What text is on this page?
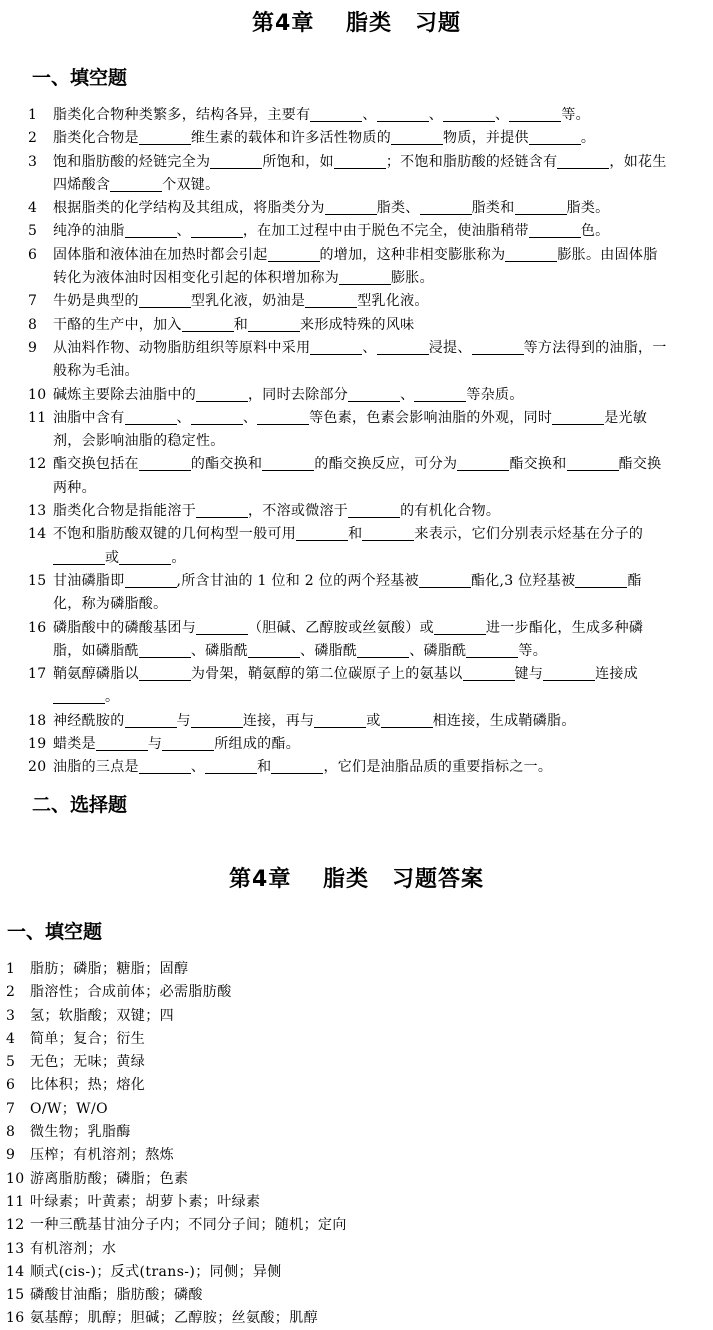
第4章　 脂类　习题
一、填空题
1 脂类化合物种类繁多，结构各异，主要有	、	、	、	等。
2 脂类化合物是	维生素的载体和许多活性物质的	物质，并提供	。
3 饱和脂肪酸的烃链完全为	所饱和，如	；不饱和脂肪酸的烃链含有	，如花生四烯酸含	个双键。
4 根据脂类的化学结构及其组成，将脂类分为	脂类、	脂类和	脂类。
5 纯净的油脂	、	，在加工过程中由于脱色不完全，使油脂稍带	色。
6 固体脂和液体油在加热时都会引起	的增加，这种非相变膨胀称为	膨胀。由固体脂转化为液体油时因相变化引起的体积增加称为	膨胀。
7 牛奶是典型的	型乳化液，奶油是	型乳化液。
8 干酪的生产中，加入	和	来形成特殊的风味
9 从油料作物、动物脂肪组织等原料中采用	、	浸提、	等方法得到的油脂，一般称为毛油。
10 碱炼主要除去油脂中的	，同时去除部分	、	等杂质。
11 油脂中含有	、	、	等色素，色素会影响油脂的外观，同时	是光敏剂，会影响油脂的稳定性。
12 酯交换包括在	的酯交换和	的酯交换反应，可分为	酯交换和	酯交换两种。
13 脂类化合物是指能溶于	，不溶或微溶于	的有机化合物。
14 不饱和脂肪酸双键的几何构型一般可用	和	来表示，它们分别表示烃基在分子的或	。
15 甘油磷脂即	,所含甘油的 1 位和 2 位的两个羟基被	酯化,3 位羟基被	酯化，称为磷脂酸。
16 磷脂酸中的磷酸基团与	（胆碱、乙醇胺或丝氨酸）或	进一步酯化，生成多种磷脂，如磷脂酰	、磷脂酰	、磷脂酰	、磷脂酰	等。
17 鞘氨醇磷脂以	为骨架，鞘氨醇的第二位碳原子上的氨基以	键与	连接成。
18 神经酰胺的	与	连接，再与	或	相连接，生成鞘磷脂。
19 蜡类是	与	所组成的酯。
20 油脂的三点是	、	和	，它们是油脂品质的重要指标之一。
二、选择题
第4章　 脂类　习题答案
一、填空题
1 脂肪；磷脂；糖脂；固醇
2 脂溶性；合成前体；必需脂肪酸
3 氢；软脂酸；双键；四
4 简单；复合；衍生
5 无色；无味；黄绿
6 比体积；热；熔化
7 O/W；W/O
8 微生物；乳脂酶
9 压榨；有机溶剂；熬炼
10 游离脂肪酸；磷脂；色素
11 叶绿素；叶黄素；胡萝卜素；叶绿素
12 一种三酰基甘油分子内；不同分子间；随机；定向
13 有机溶剂；水
14 顺式(cis-)；反式(trans-)；同侧；异侧
15 磷酸甘油酯；脂肪酸；磷酸
16 氨基醇；肌醇；胆碱；乙醇胺；丝氨酸；肌醇
